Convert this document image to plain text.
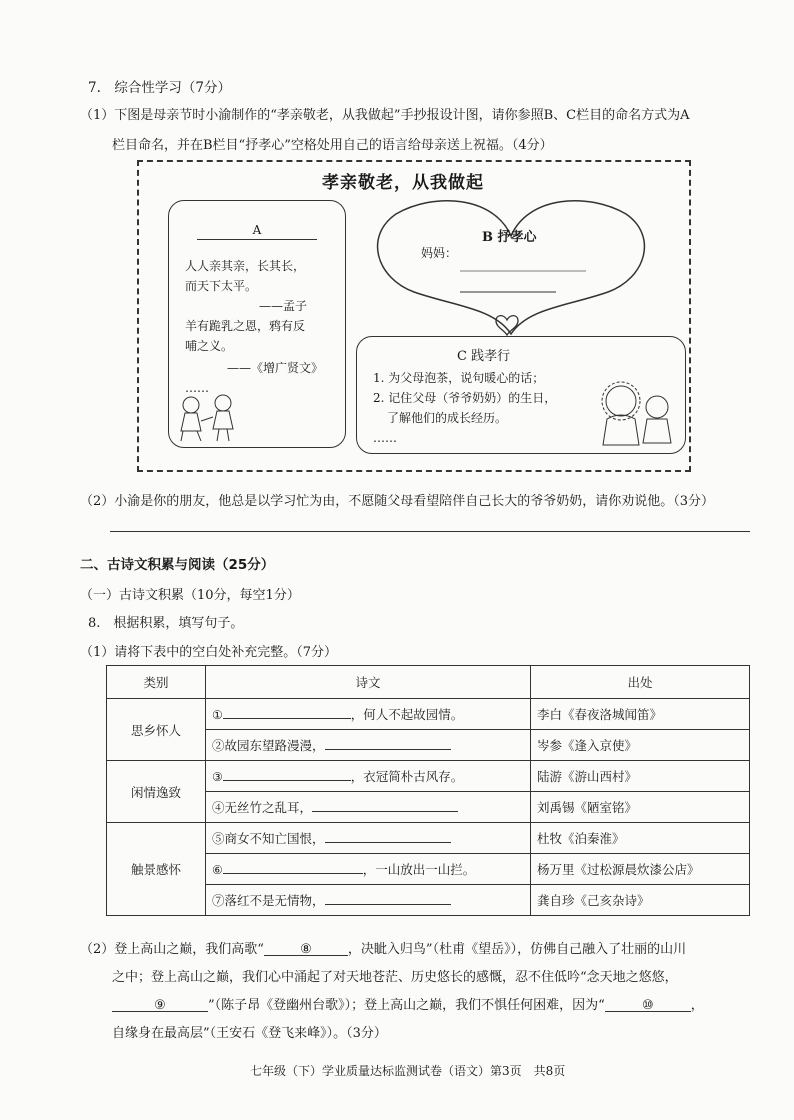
7.　综合性学习（7分）
（1）下图是母亲节时小渝制作的“孝亲敬老，从我做起”手抄报设计图，请你参照B、C栏目的命名方式为A
栏目命名，并在B栏目“抒孝心”空格处用自己的语言给母亲送上祝福。（4分）
孝亲敬老，从我做起
A
人人亲其亲，长其长，
而天下太平。
——孟子
羊有跪乳之恩，鸦有反
哺之义。
——《增广贤文》
……
B 抒孝心
妈妈：
C 践孝行
1. 为父母泡茶，说句暖心的话；
2. 记住父母（爷爷奶奶）的生日，
了解他们的成长经历。
……
（2）小渝是你的朋友，他总是以学习忙为由，不愿随父母看望陪伴自己长大的爷爷奶奶，请你劝说他。（3分）
二、古诗文积累与阅读（25分）
（一）古诗文积累（10分，每空1分）
8.　根据积累，填写句子。
（1）请将下表中的空白处补充完整。（7分）
类别	诗文	出处
思乡怀人	① ，何人不起故园情。	李白《春夜洛城闻笛》
	②故园东望路漫漫，	岑参《逢入京使》
闲情逸致	③ ，衣冠简朴古风存。	陆游《游山西村》
	④无丝竹之乱耳，	刘禹锡《陋室铭》
触景感怀	⑤商女不知亡国恨，	杜牧《泊秦淮》
	⑥ ，一山放出一山拦。	杨万里《过松源晨炊漆公店》
	⑦落红不是无情物，	龚自珍《己亥杂诗》
（2）登上高山之巅，我们高歌“	⑧	，决眦入归鸟”（杜甫《望岳》），仿佛自己融入了壮丽的山川
之中；登上高山之巅，我们心中涌起了对天地苍茫、历史悠长的感慨，忍不住低吟“念天地之悠悠，
⑨	”（陈子昂《登幽州台歌》）；登上高山之巅，我们不惧任何困难，因为“	⑩	，
自缘身在最高层”（王安石《登飞来峰》）。（3分）
七年级（下）学业质量达标监测试卷（语文）第3页　共8页
